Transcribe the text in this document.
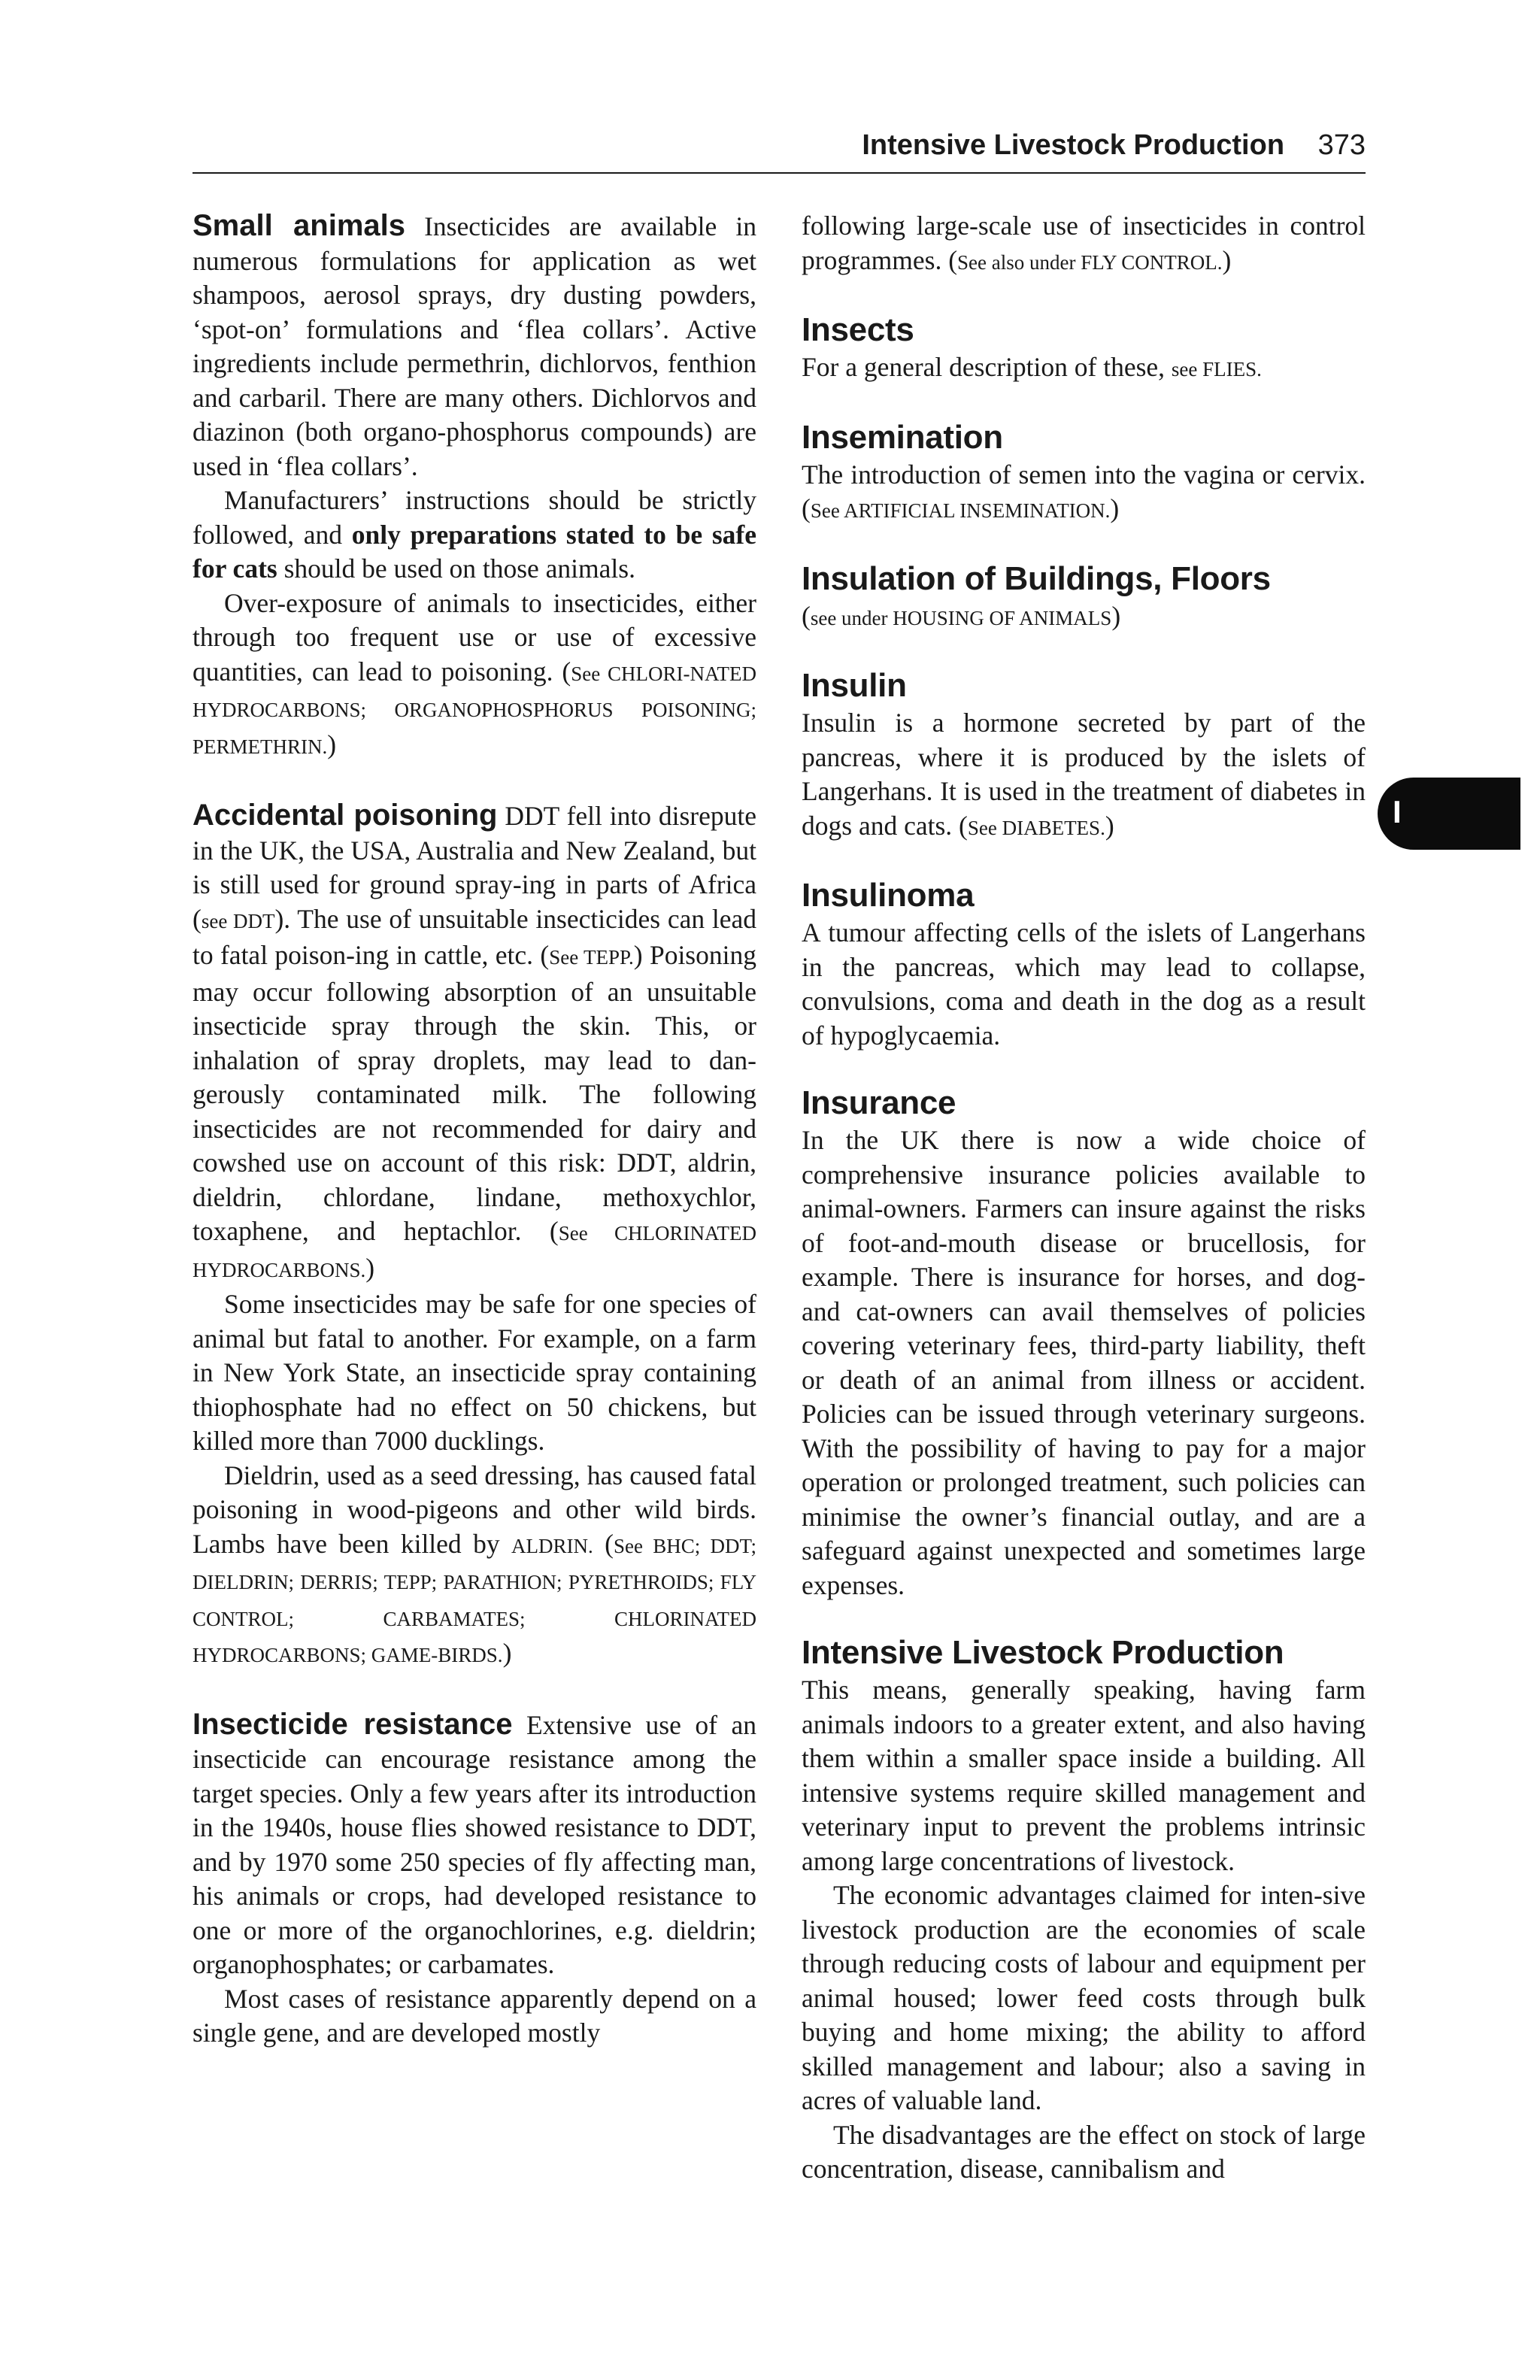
Intensive Livestock Production 373
I

Small animals Insecticides are available in numerous formulations for application as wet shampoos, aerosol sprays, dry dusting powders, ‘spot-on’ formulations and ‘flea collars’. Active ingredients include permethrin, dichlorvos, fenthion and carbaril. There are many others. Dichlorvos and diazinon (both organo-phosphorus compounds) are used in ‘flea collars’.

Manufacturers’ instructions should be strictly followed, and only preparations stated to be safe for cats should be used on those animals.

Over-exposure of animals to insecticides, either through too frequent use or use of excessive quantities, can lead to poisoning. (See CHLORI-NATED HYDROCARBONS; ORGANOPHOSPHORUS POISONING; PERMETHRIN.)

Accidental poisoning DDT fell into disrepute in the UK, the USA, Australia and New Zealand, but is still used for ground spray-ing in parts of Africa (see DDT). The use of unsuitable insecticides can lead to fatal poison-ing in cattle, etc. (See TEPP.) Poisoning may occur following absorption of an unsuitable insecticide spray through the skin. This, or inhalation of spray droplets, may lead to dan-gerously contaminated milk. The following insecticides are not recommended for dairy and cowshed use on account of this risk: DDT, aldrin, dieldrin, chlordane, lindane, methoxychlor, toxaphene, and heptachlor. (See CHLORINATED HYDROCARBONS.)

Some insecticides may be safe for one species of animal but fatal to another. For example, on a farm in New York State, an insecticide spray containing thiophosphate had no effect on 50 chickens, but killed more than 7000 ducklings.

Dieldrin, used as a seed dressing, has caused fatal poisoning in wood-pigeons and other wild birds. Lambs have been killed by ALDRIN. (See BHC; DDT; DIELDRIN; DERRIS; TEPP; PARATHION; PYRETHROIDS; FLY CONTROL; CARBAMATES; CHLORINATED HYDROCARBONS; GAME-BIRDS.)

Insecticide resistance Extensive use of an insecticide can encourage resistance among the target species. Only a few years after its introduction in the 1940s, house flies showed resistance to DDT, and by 1970 some 250 species of fly affecting man, his animals or crops, had developed resistance to one or more of the organochlorines, e.g. dieldrin; organophosphates; or carbamates.

Most cases of resistance apparently depend on a single gene, and are developed mostly

following large-scale use of insecticides in control programmes. (See also under FLY CONTROL.)

Insects

For a general description of these, see FLIES.

Insemination

The introduction of semen into the vagina or cervix. (See ARTIFICIAL INSEMINATION.)

Insulation of Buildings, Floors

(see under HOUSING OF ANIMALS)

Insulin

Insulin is a hormone secreted by part of the pancreas, where it is produced by the islets of Langerhans. It is used in the treatment of diabetes in dogs and cats. (See DIABETES.)

Insulinoma

A tumour affecting cells of the islets of Langerhans in the pancreas, which may lead to collapse, convulsions, coma and death in the dog as a result of hypoglycaemia.

Insurance

In the UK there is now a wide choice of comprehensive insurance policies available to animal-owners. Farmers can insure against the risks of foot-and-mouth disease or brucellosis, for example. There is insurance for horses, and dog- and cat-owners can avail themselves of policies covering veterinary fees, third-party liability, theft or death of an animal from illness or accident. Policies can be issued through veterinary surgeons. With the possibility of having to pay for a major operation or prolonged treatment, such policies can minimise the owner’s financial outlay, and are a safeguard against unexpected and sometimes large expenses.

Intensive Livestock Production

This means, generally speaking, having farm animals indoors to a greater extent, and also having them within a smaller space inside a building. All intensive systems require skilled management and veterinary input to prevent the problems intrinsic among large concentrations of livestock.

The economic advantages claimed for inten-sive livestock production are the economies of scale through reducing costs of labour and equipment per animal housed; lower feed costs through bulk buying and home mixing; the ability to afford skilled management and labour; also a saving in acres of valuable land.

The disadvantages are the effect on stock of large concentration, disease, cannibalism and
